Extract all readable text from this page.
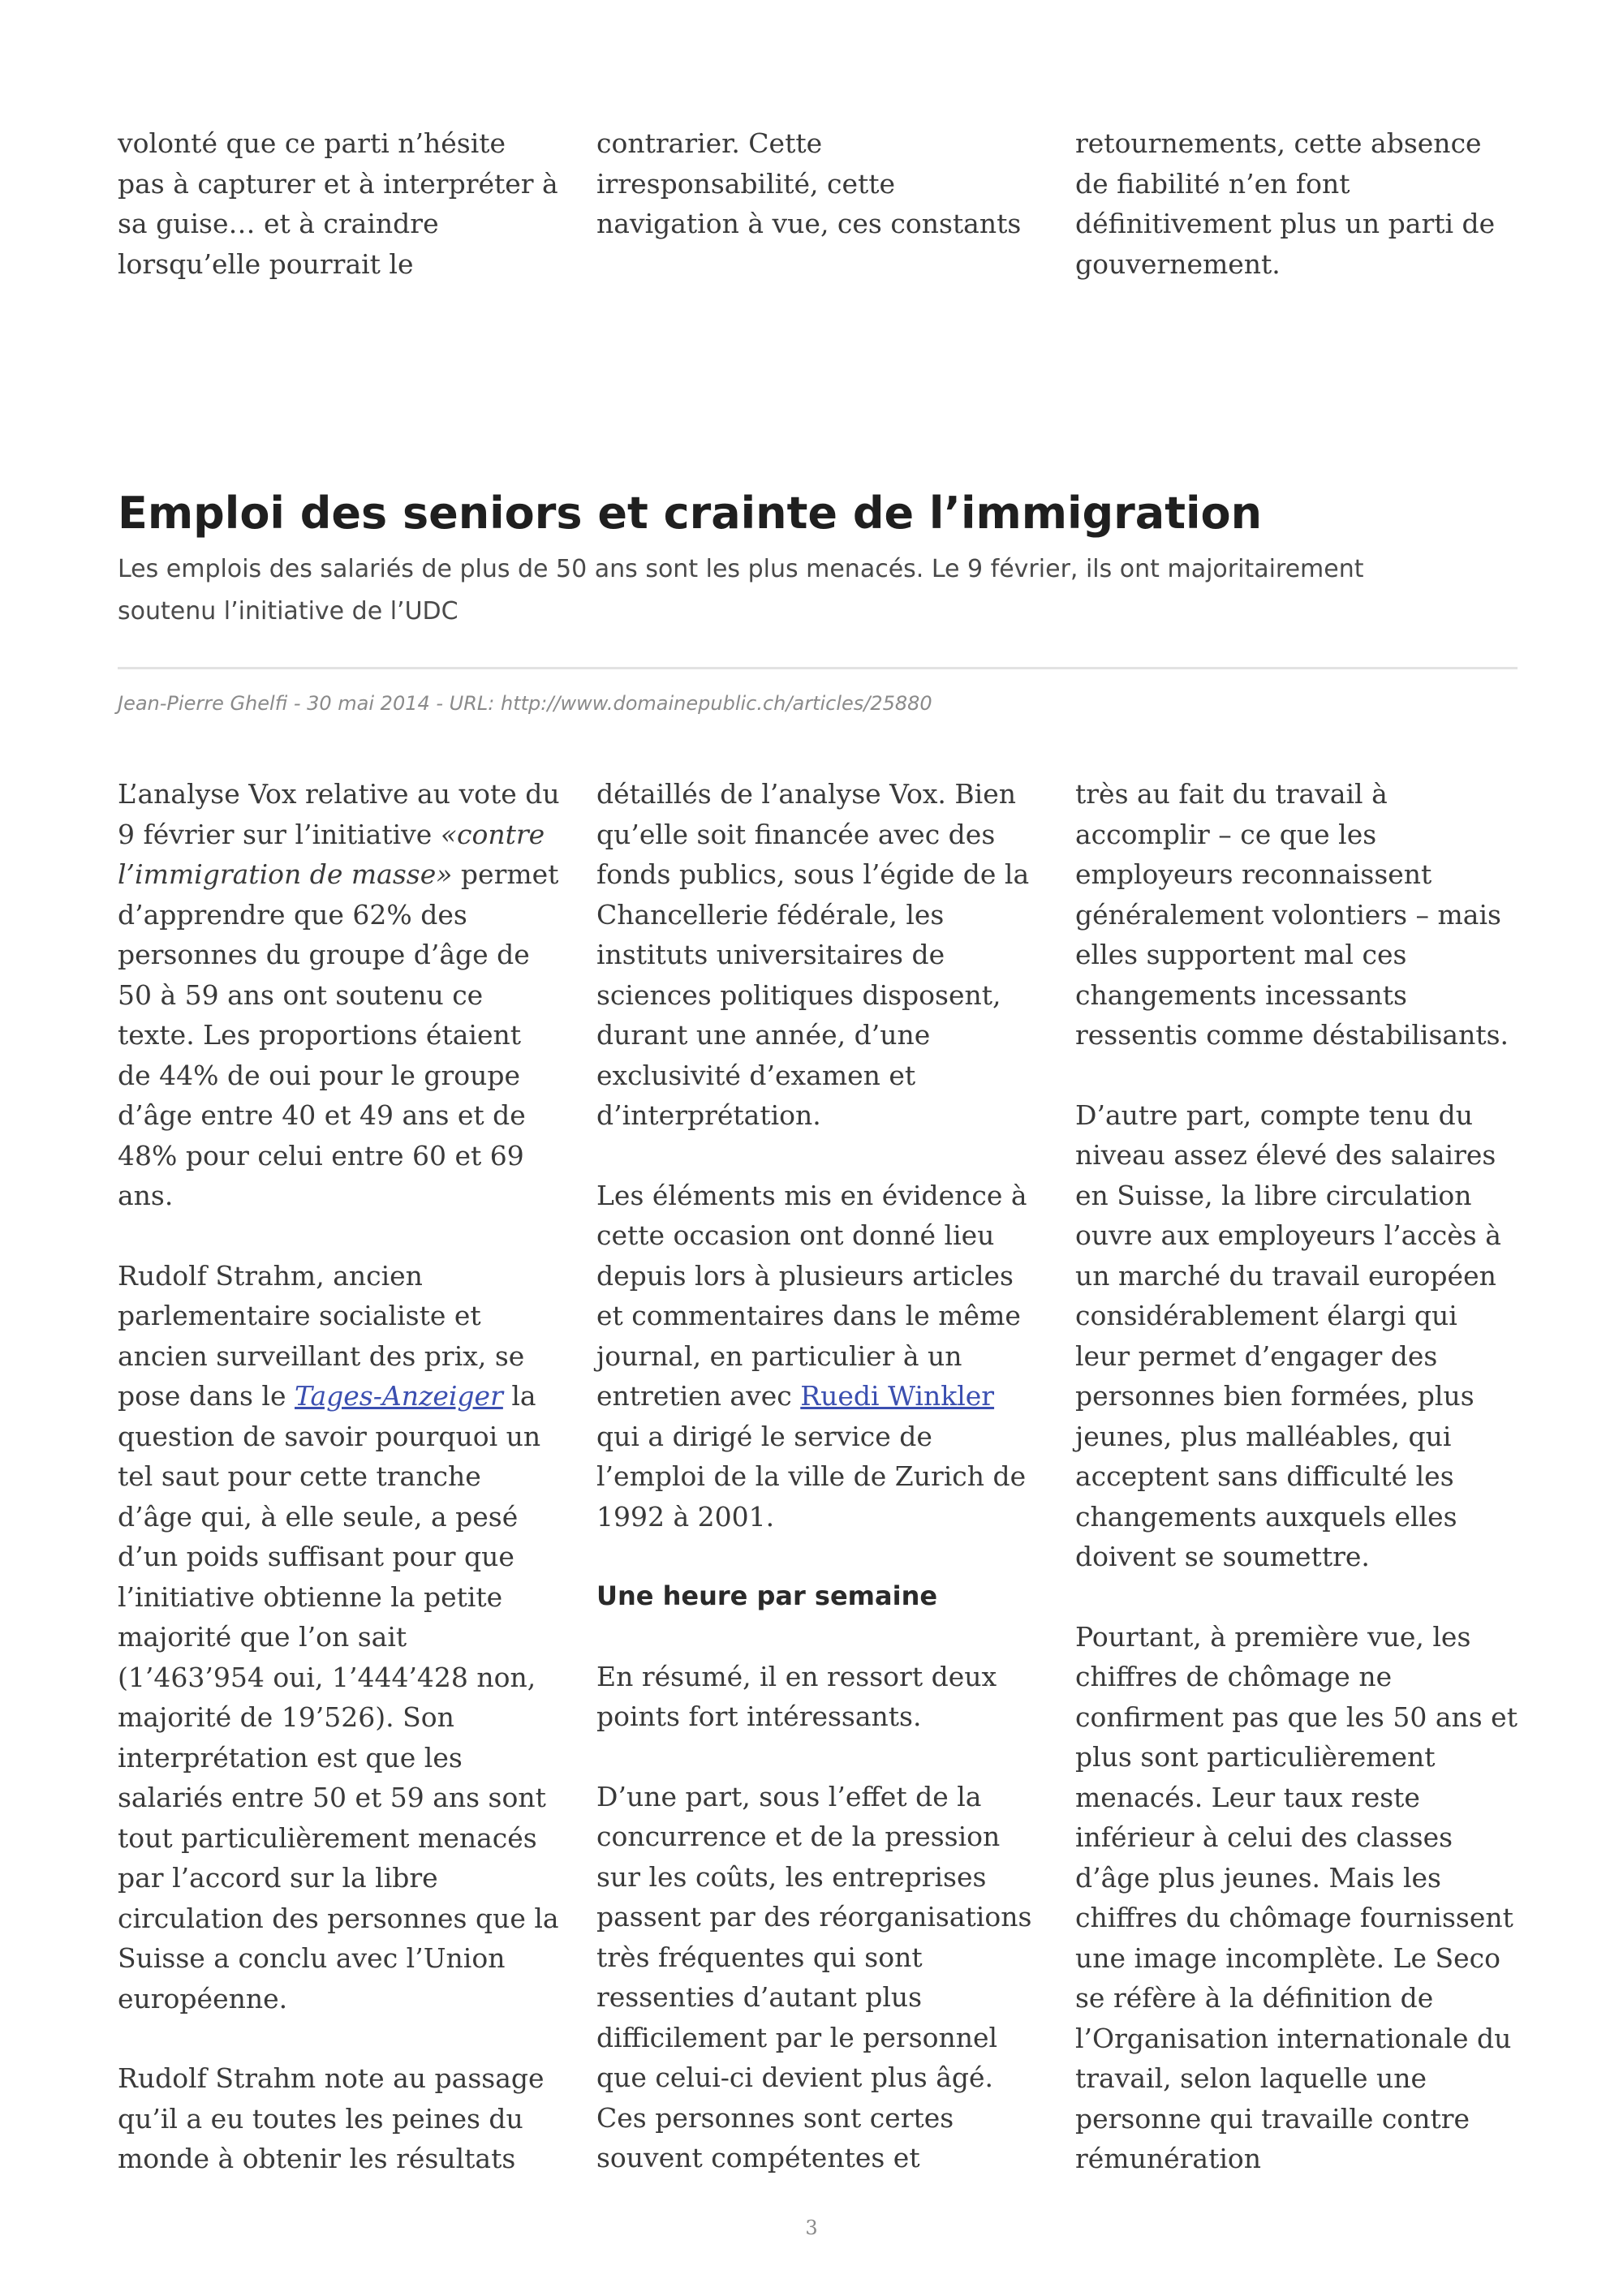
volonté que ce parti n’hésite pas à capturer et à interpréter à sa guise… et à craindre lorsqu’elle pourrait le

contrarier. Cette irresponsabilité, cette navigation à vue, ces constants

retournements, cette absence de fiabilité n’en font définitivement plus un parti de gouvernement.

Emploi des seniors et crainte de l’immigration

Les emplois des salariés de plus de 50 ans sont les plus menacés. Le 9 février, ils ont majoritairement soutenu l’initiative de l’UDC

Jean-Pierre Ghelfi - 30 mai 2014 - URL: http://www.domainepublic.ch/articles/25880

L’analyse Vox relative au vote du 9 février sur l’initiative «contre l’immigration de masse» permet d’apprendre que 62% des personnes du groupe d’âge de 50 à 59 ans ont soutenu ce texte. Les proportions étaient de 44% de oui pour le groupe d’âge entre 40 et 49 ans et de 48% pour celui entre 60 et 69 ans.

Rudolf Strahm, ancien parlementaire socialiste et ancien surveillant des prix, se pose dans le Tages-Anzeiger la question de savoir pourquoi un tel saut pour cette tranche d’âge qui, à elle seule, a pesé d’un poids suffisant pour que l’initiative obtienne la petite majorité que l’on sait (1’463’954 oui, 1’444’428 non, majorité de 19’526). Son interprétation est que les salariés entre 50 et 59 ans sont tout particulièrement menacés par l’accord sur la libre circulation des personnes que la Suisse a conclu avec l’Union européenne.

Rudolf Strahm note au passage qu’il a eu toutes les peines du monde à obtenir les résultats

détaillés de l’analyse Vox. Bien qu’elle soit financée avec des fonds publics, sous l’égide de la Chancellerie fédérale, les instituts universitaires de sciences politiques disposent, durant une année, d’une exclusivité d’examen et d’interprétation.

Les éléments mis en évidence à cette occasion ont donné lieu depuis lors à plusieurs articles et commentaires dans le même journal, en particulier à un entretien avec Ruedi Winkler qui a dirigé le service de l’emploi de la ville de Zurich de 1992 à 2001.

Une heure par semaine

En résumé, il en ressort deux points fort intéressants.

D’une part, sous l’effet de la concurrence et de la pression sur les coûts, les entreprises passent par des réorganisations très fréquentes qui sont ressenties d’autant plus difficilement par le personnel que celui-ci devient plus âgé. Ces personnes sont certes souvent compétentes et

très au fait du travail à accomplir – ce que les employeurs reconnaissent généralement volontiers – mais elles supportent mal ces changements incessants ressentis comme déstabilisants.

D’autre part, compte tenu du niveau assez élevé des salaires en Suisse, la libre circulation ouvre aux employeurs l’accès à un marché du travail européen considérablement élargi qui leur permet d’engager des personnes bien formées, plus jeunes, plus malléables, qui acceptent sans difficulté les changements auxquels elles doivent se soumettre.

Pourtant, à première vue, les chiffres de chômage ne confirment pas que les 50 ans et plus sont particulièrement menacés. Leur taux reste inférieur à celui des classes d’âge plus jeunes. Mais les chiffres du chômage fournissent une image incomplète. Le Seco se réfère à la définition de l’Organisation internationale du travail, selon laquelle une personne qui travaille contre rémunération

3
